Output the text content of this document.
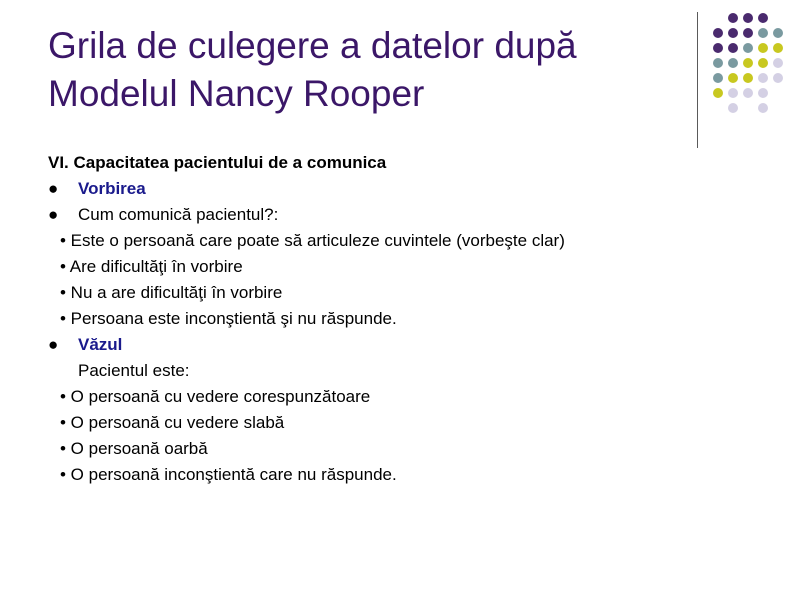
Grila de culegere a datelor după
Modelul Nancy Rooper
VI. Capacitatea pacientului de a comunica
● Vorbirea
● Cum comunică pacientul?:
• Este o persoană care poate să articuleze cuvintele (vorbeşte clar)
• Are dificultăţi în vorbire
• Nu a are dificultăţi în vorbire
• Persoana este inconştientă şi nu răspunde.
● Văzul
Pacientul este:
• O persoană cu vedere corespunzătoare
• O persoană cu vedere slabă
• O persoană oarbă
• O persoană inconştientă care nu răspunde.
